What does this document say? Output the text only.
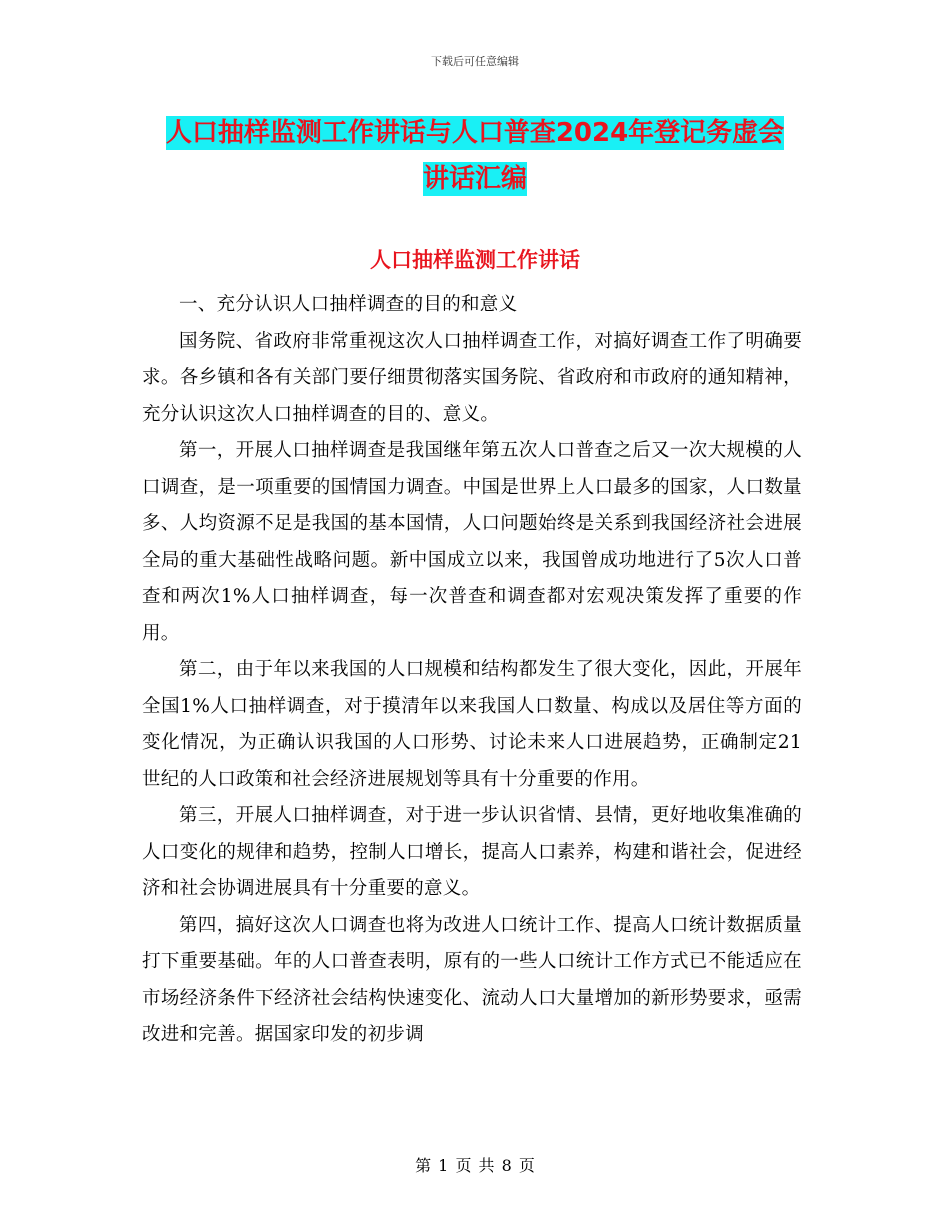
下载后可任意编辑
人口抽样监测工作讲话与人口普查2024年登记务虚会
讲话汇编
人口抽样监测工作讲话

一、充分认识人口抽样调查的目的和意义

国务院、省政府非常重视这次人口抽样调查工作，对搞好调查工作了明确要求。各乡镇和各有关部门要仔细贯彻落实国务院、省政府和市政府的通知精神，充分认识这次人口抽样调查的目的、意义。

第一，开展人口抽样调查是我国继年第五次人口普查之后又一次大规模的人口调查，是一项重要的国情国力调查。中国是世界上人口最多的国家，人口数量多、人均资源不足是我国的基本国情，人口问题始终是关系到我国经济社会进展全局的重大基础性战略问题。新中国成立以来，我国曾成功地进行了5次人口普查和两次1%人口抽样调查，每一次普查和调查都对宏观决策发挥了重要的作用。

第二，由于年以来我国的人口规模和结构都发生了很大变化，因此，开展年全国1%人口抽样调查，对于摸清年以来我国人口数量、构成以及居住等方面的变化情况，为正确认识我国的人口形势、讨论未来人口进展趋势，正确制定21世纪的人口政策和社会经济进展规划等具有十分重要的作用。

第三，开展人口抽样调查，对于进一步认识省情、县情，更好地收集准确的人口变化的规律和趋势，控制人口增长，提高人口素养，构建和谐社会，促进经济和社会协调进展具有十分重要的意义。

第四，搞好这次人口调查也将为改进人口统计工作、提高人口统计数据质量打下重要基础。年的人口普查表明，原有的一些人口统计工作方式已不能适应在市场经济条件下经济社会结构快速变化、流动人口大量增加的新形势要求，亟需改进和完善。据国家印发的初步调

第 1 页 共 8 页
